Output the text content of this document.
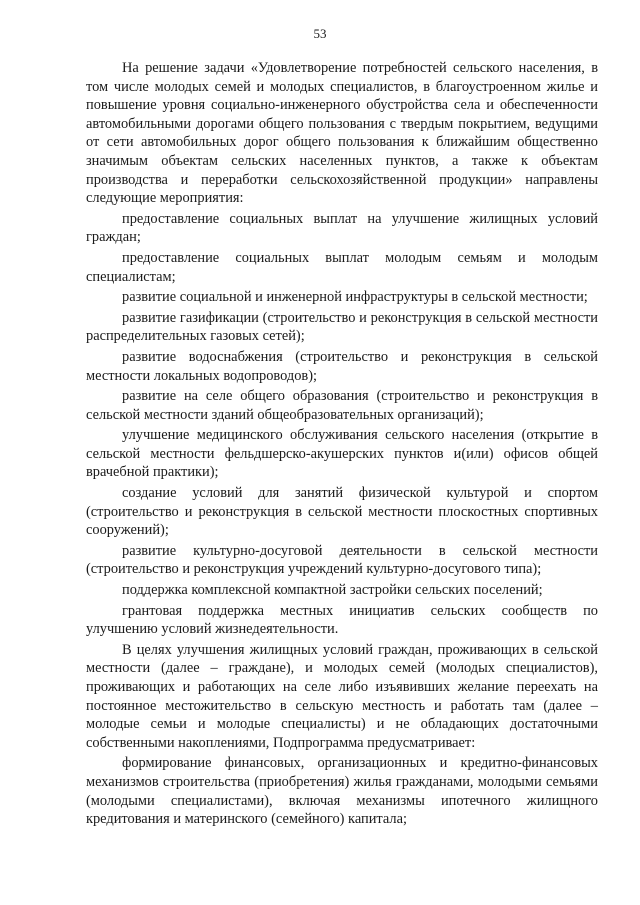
53

На решение задачи «Удовлетворение потребностей сельского населения, в том числе молодых семей и молодых специалистов, в благоустроенном жилье и повышение уровня социально-инженерного обустройства села и обеспеченности автомобильными дорогами общего пользования с твердым покрытием, ведущими от сети автомобильных дорог общего пользования к ближайшим общественно значимым объектам сельских населенных пунктов, а также к объектам производства и переработки сельскохозяйственной продукции» направлены следующие мероприятия:

предоставление социальных выплат на улучшение жилищных условий граждан;

предоставление социальных выплат молодым семьям и молодым специалистам;

развитие социальной и инженерной инфраструктуры в сельской местности;

развитие газификации (строительство и реконструкция в сельской местности распределительных газовых сетей);

развитие водоснабжения (строительство и реконструкция в сельской местности локальных водопроводов);

развитие на селе общего образования (строительство и реконструкция в сельской местности зданий общеобразовательных организаций);

улучшение медицинского обслуживания сельского населения (открытие в сельской местности фельдшерско-акушерских пунктов и(или) офисов общей врачебной практики);

создание условий для занятий физической культурой и спортом (строительство и реконструкция в сельской местности плоскостных спортивных сооружений);

развитие культурно-досуговой деятельности в сельской местности (строительство и реконструкция учреждений культурно-досугового типа);

поддержка комплексной компактной застройки сельских поселений;

грантовая поддержка местных инициатив сельских сообществ по улучшению условий жизнедеятельности.

В целях улучшения жилищных условий граждан, проживающих в сельской местности (далее – граждане), и молодых семей (молодых специалистов), проживающих и работающих на селе либо изъявивших желание переехать на постоянное местожительство в сельскую местность и работать там (далее – молодые семьи и молодые специалисты) и не обладающих достаточными собственными накоплениями, Подпрограмма предусматривает:

формирование финансовых, организационных и кредитно-финансовых механизмов строительства (приобретения) жилья гражданами, молодыми семьями (молодыми специалистами), включая механизмы ипотечного жилищного кредитования и материнского (семейного) капитала;
